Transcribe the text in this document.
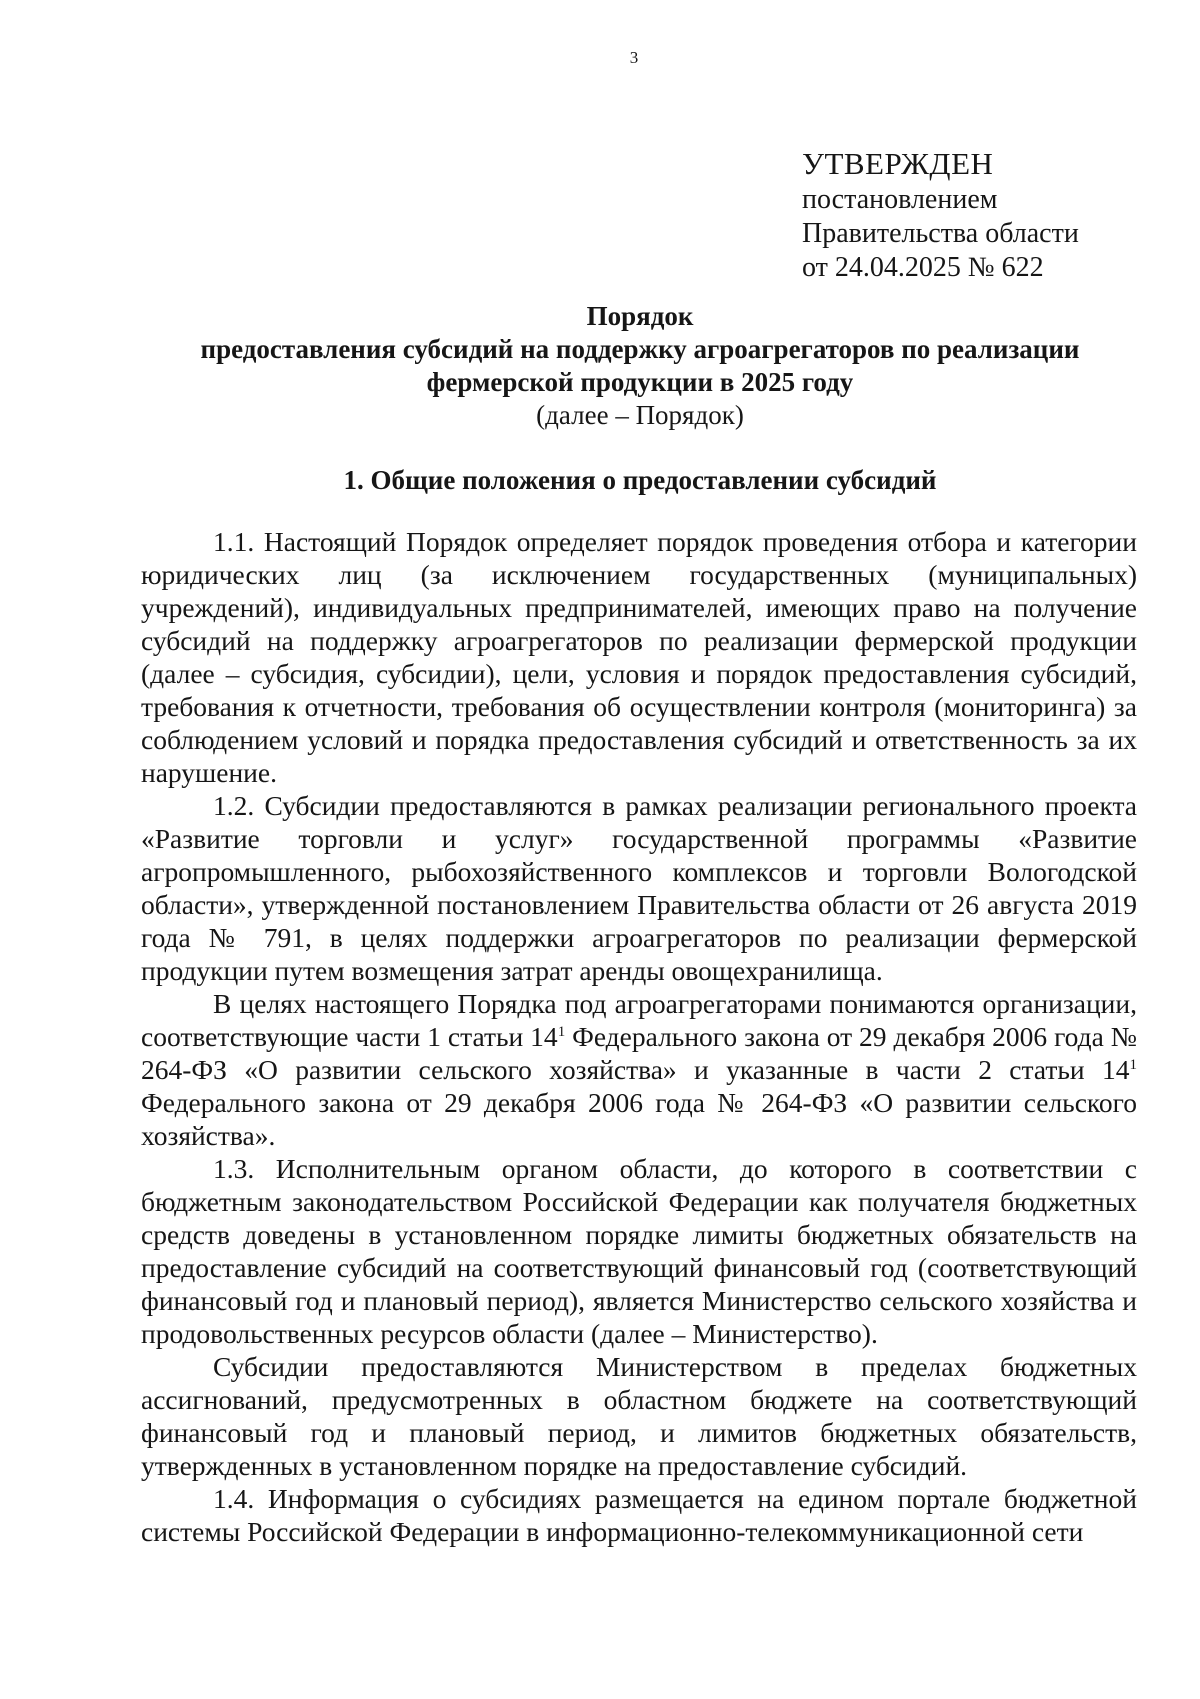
3
УТВЕРЖДЕН
постановлением
Правительства области
от 24.04.2025 № 622
Порядок
предоставления субсидий на поддержку агроагрегаторов по реализации
фермерской продукции в 2025 году
(далее – Порядок)
1. Общие положения о предоставлении субсидий

1.1. Настоящий Порядок определяет порядок проведения отбора и категории юридических лиц (за исключением государственных (муниципальных) учреждений), индивидуальных предпринимателей, имеющих право на получение субсидий на поддержку агроагрегаторов по реализации фермерской продукции (далее – субсидия, субсидии), цели, условия и порядок предоставления субсидий, требования к отчетности, требования об осуществлении контроля (мониторинга) за соблюдением условий и порядка предоставления субсидий и ответственность за их нарушение.

1.2. Субсидии предоставляются в рамках реализации регионального проекта «Развитие торговли и услуг» государственной программы «Развитие агропромышленного, рыбохозяйственного комплексов и торговли Вологодской области», утвержденной постановлением Правительства области от 26 августа 2019 года № 791, в целях поддержки агроагрегаторов по реализации фермерской продукции путем возмещения затрат аренды овощехранилища.

В целях настоящего Порядка под агроагрегаторами понимаются организации, соответствующие части 1 статьи $14^1$ Федерального закона от 29 декабря 2006 года № 264-ФЗ «О развитии сельского хозяйства» и указанные в части 2 статьи $14^1$ Федерального закона от 29 декабря 2006 года № 264-ФЗ «О развитии сельского хозяйства».

1.3. Исполнительным органом области, до которого в соответствии с бюджетным законодательством Российской Федерации как получателя бюджетных средств доведены в установленном порядке лимиты бюджетных обязательств на предоставление субсидий на соответствующий финансовый год (соответствующий финансовый год и плановый период), является Министерство сельского хозяйства и продовольственных ресурсов области (далее – Министерство).

Субсидии предоставляются Министерством в пределах бюджетных ассигнований, предусмотренных в областном бюджете на соответствующий финансовый год и плановый период, и лимитов бюджетных обязательств, утвержденных в установленном порядке на предоставление субсидий.

1.4. Информация о субсидиях размещается на едином портале бюджетной системы Российской Федерации в информационно-телекоммуникационной сети
